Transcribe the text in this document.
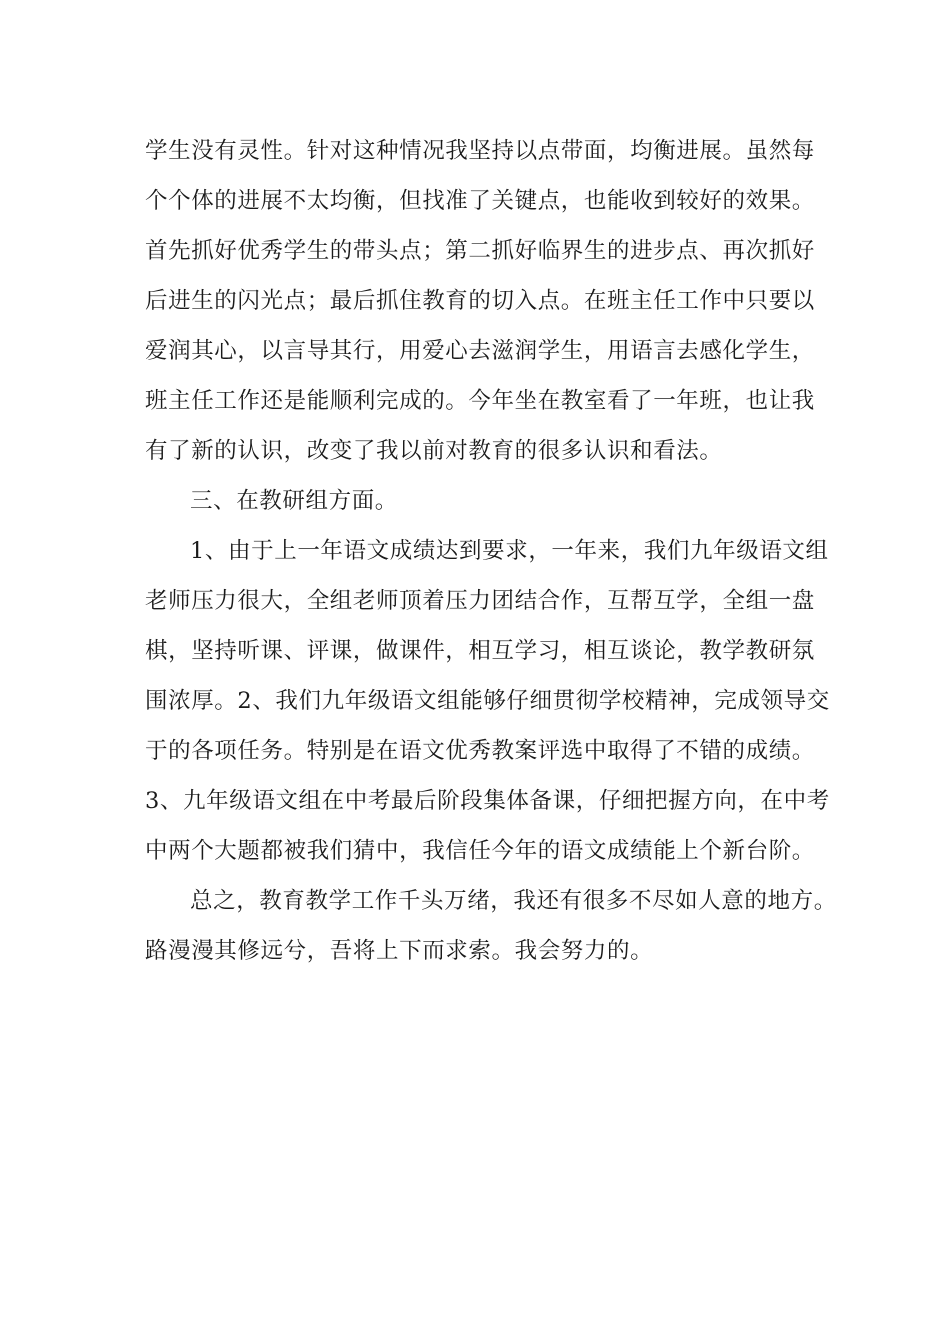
学生没有灵性。针对这种情况我坚持以点带面，均衡进展。虽然每
个个体的进展不太均衡，但找准了关键点，也能收到较好的效果。
首先抓好优秀学生的带头点；第二抓好临界生的进步点、再次抓好
后进生的闪光点；最后抓住教育的切入点。在班主任工作中只要以
爱润其心，以言导其行，用爱心去滋润学生，用语言去感化学生，
班主任工作还是能顺利完成的。今年坐在教室看了一年班，也让我
有了新的认识，改变了我以前对教育的很多认识和看法。
三、在教研组方面。
1、由于上一年语文成绩达到要求，一年来，我们九年级语文组
老师压力很大，全组老师顶着压力团结合作，互帮互学，全组一盘
棋，坚持听课、评课，做课件，相互学习，相互谈论，教学教研氛
围浓厚。2、我们九年级语文组能够仔细贯彻学校精神，完成领导交
于的各项任务。特别是在语文优秀教案评选中取得了不错的成绩。
3、九年级语文组在中考最后阶段集体备课，仔细把握方向，在中考
中两个大题都被我们猜中，我信任今年的语文成绩能上个新台阶。
总之，教育教学工作千头万绪，我还有很多不尽如人意的地方。
路漫漫其修远兮，吾将上下而求索。我会努力的。
